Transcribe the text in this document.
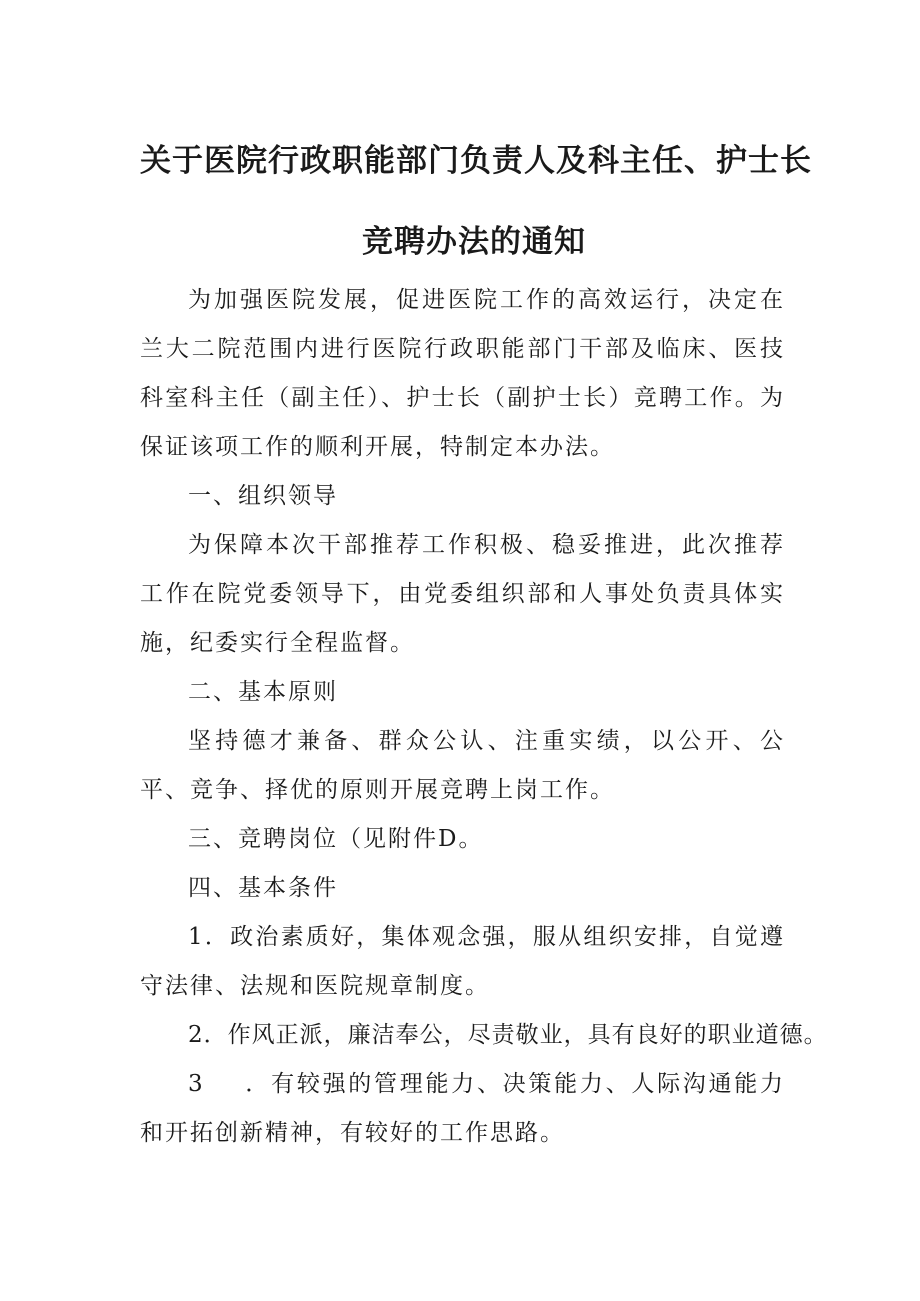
关于医院行政职能部门负责人及科主任、护士长
竞聘办法的通知

为加强医院发展，促进医院工作的高效运行，决定在兰大二院范围内进行医院行政职能部门干部及临床、医技科室科主任（副主任）、护士长（副护士长）竞聘工作。为保证该项工作的顺利开展，特制定本办法。

一、组织领导

为保障本次干部推荐工作积极、稳妥推进，此次推荐工作在院党委领导下，由党委组织部和人事处负责具体实施，纪委实行全程监督。

二、基本原则

坚持德才兼备、群众公认、注重实绩，以公开、公平、竞争、择优的原则开展竞聘上岗工作。

三、竞聘岗位（见附件D。

四、基本条件

1．政治素质好，集体观念强，服从组织安排，自觉遵守法律、法规和医院规章制度。

2．作风正派，廉洁奉公，尽责敬业，具有良好的职业道德。

3 ．有较强的管理能力、决策能力、人际沟通能力和开拓创新精神，有较好的工作思路。
